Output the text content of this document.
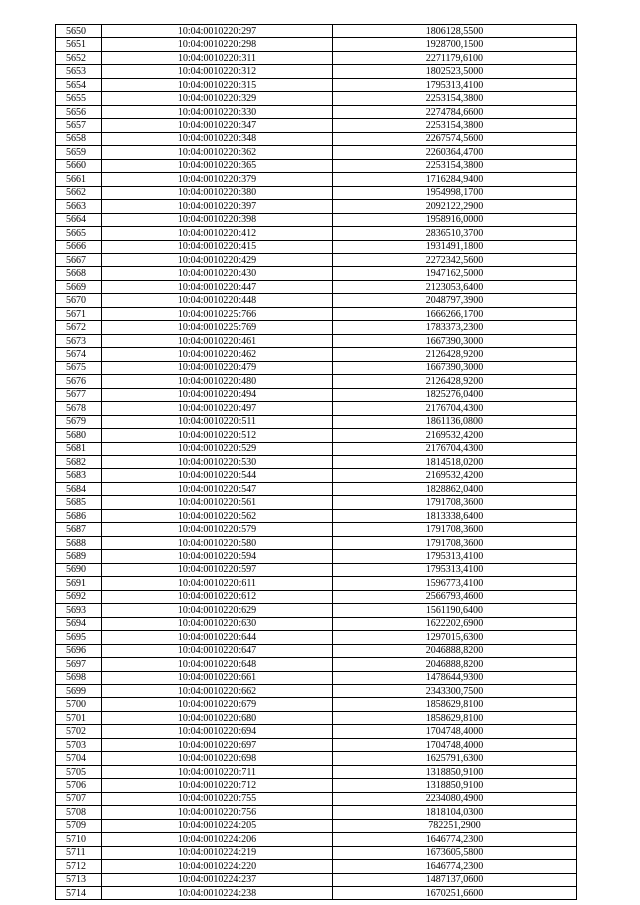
5650	10:04:0010220:297	1806128,5500
5651	10:04:0010220:298	1928700,1500
5652	10:04:0010220:311	2271179,6100
5653	10:04:0010220:312	1802523,5000
5654	10:04:0010220:315	1795313,4100
5655	10:04:0010220:329	2253154,3800
5656	10:04:0010220:330	2274784,6600
5657	10:04:0010220:347	2253154,3800
5658	10:04:0010220:348	2267574,5600
5659	10:04:0010220:362	2260364,4700
5660	10:04:0010220:365	2253154,3800
5661	10:04:0010220:379	1716284,9400
5662	10:04:0010220:380	1954998,1700
5663	10:04:0010220:397	2092122,2900
5664	10:04:0010220:398	1958916,0000
5665	10:04:0010220:412	2836510,3700
5666	10:04:0010220:415	1931491,1800
5667	10:04:0010220:429	2272342,5600
5668	10:04:0010220:430	1947162,5000
5669	10:04:0010220:447	2123053,6400
5670	10:04:0010220:448	2048797,3900
5671	10:04:0010225:766	1666266,1700
5672	10:04:0010225:769	1783373,2300
5673	10:04:0010220:461	1667390,3000
5674	10:04:0010220:462	2126428,9200
5675	10:04:0010220:479	1667390,3000
5676	10:04:0010220:480	2126428,9200
5677	10:04:0010220:494	1825276,0400
5678	10:04:0010220:497	2176704,4300
5679	10:04:0010220:511	1861136,0800
5680	10:04:0010220:512	2169532,4200
5681	10:04:0010220:529	2176704,4300
5682	10:04:0010220:530	1814518,0200
5683	10:04:0010220:544	2169532,4200
5684	10:04:0010220:547	1828862,0400
5685	10:04:0010220:561	1791708,3600
5686	10:04:0010220:562	1813338,6400
5687	10:04:0010220:579	1791708,3600
5688	10:04:0010220:580	1791708,3600
5689	10:04:0010220:594	1795313,4100
5690	10:04:0010220:597	1795313,4100
5691	10:04:0010220:611	1596773,4100
5692	10:04:0010220:612	2566793,4600
5693	10:04:0010220:629	1561190,6400
5694	10:04:0010220:630	1622202,6900
5695	10:04:0010220:644	1297015,6300
5696	10:04:0010220:647	2046888,8200
5697	10:04:0010220:648	2046888,8200
5698	10:04:0010220:661	1478644,9300
5699	10:04:0010220:662	2343300,7500
5700	10:04:0010220:679	1858629,8100
5701	10:04:0010220:680	1858629,8100
5702	10:04:0010220:694	1704748,4000
5703	10:04:0010220:697	1704748,4000
5704	10:04:0010220:698	1625791,6300
5705	10:04:0010220:711	1318850,9100
5706	10:04:0010220:712	1318850,9100
5707	10:04:0010220:755	2234080,4900
5708	10:04:0010220:756	1818104,0300
5709	10:04:0010224:205	782251,2900
5710	10:04:0010224:206	1646774,2300
5711	10:04:0010224:219	1673605,5800
5712	10:04:0010224:220	1646774,2300
5713	10:04:0010224:237	1487137,0600
5714	10:04:0010224:238	1670251,6600
